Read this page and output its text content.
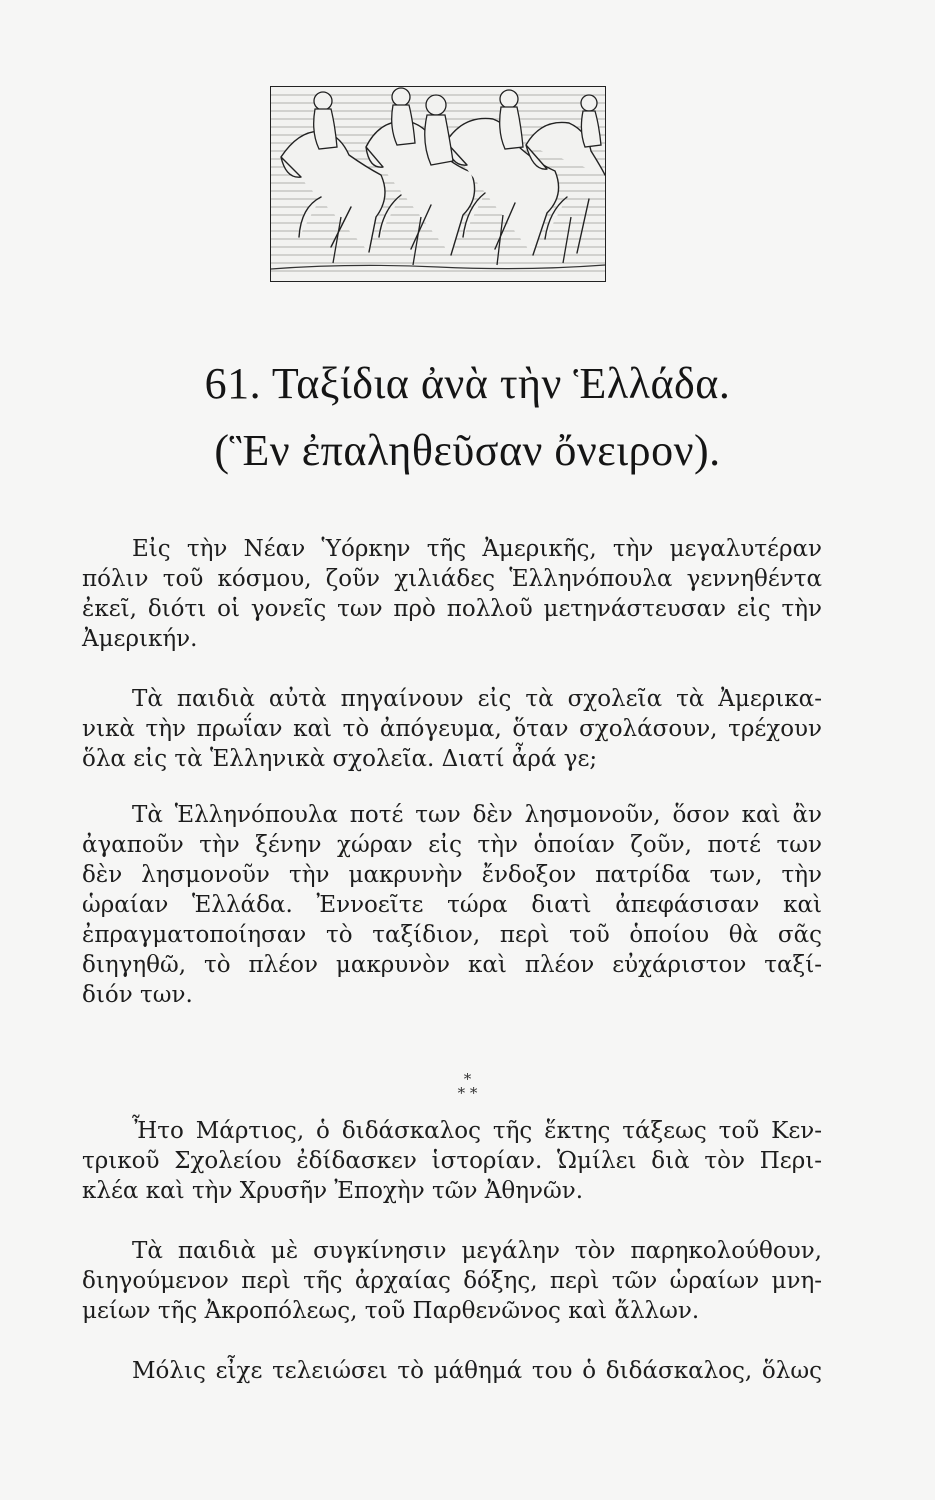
61. Ταξίδια ἀνὰ τὴν Ἑλλάδα.
(Ἓν ἐπαληθεῦσαν ὄνειρον).
Εἰς τὴν Νέαν Ὑόρκην τῆς Ἀμερικῆς, τὴν μεγαλυτέραν
πόλιν τοῦ κόσμου, ζοῦν χιλιάδες Ἑλληνόπουλα γεννηθέντα
ἐκεῖ, διότι οἱ γονεῖς των πρὸ πολλοῦ μετηνάστευσαν εἰς τὴν
Ἀμερικήν.
Τὰ παιδιὰ αὐτὰ πηγαίνουν εἰς τὰ σχολεῖα τὰ Ἀμερικα-
νικὰ τὴν πρωΐαν καὶ τὸ ἀπόγευμα, ὅταν σχολάσουν, τρέχουν
ὅλα εἰς τὰ Ἑλληνικὰ σχολεῖα. Διατί ἆρά γε;
Τὰ Ἑλληνόπουλα ποτέ των δὲν λησμονοῦν, ὅσον καὶ ἂν
ἀγαποῦν τὴν ξένην χώραν εἰς τὴν ὁποίαν ζοῦν, ποτέ των
δὲν λησμονοῦν τὴν μακρυνὴν ἔνδοξον πατρίδα των, τὴν
ὡραίαν Ἑλλάδα. Ἐννοεῖτε τώρα διατὶ ἀπεφάσισαν καὶ
ἐπραγματοποίησαν τὸ ταξίδιον, περὶ τοῦ ὁποίου θὰ σᾶς
διηγηθῶ, τὸ πλέον μακρυνὸν καὶ πλέον εὐχάριστον ταξί-
διόν των.
*
* *
Ἦτο Μάρτιος, ὁ διδάσκαλος τῆς ἕκτης τάξεως τοῦ Κεν-
τρικοῦ Σχολείου ἐδίδασκεν ἱστορίαν. Ὡμίλει διὰ τὸν Περι-
κλέα καὶ τὴν Χρυσῆν Ἐποχὴν τῶν Ἀθηνῶν.
Τὰ παιδιὰ μὲ συγκίνησιν μεγάλην τὸν παρηκολούθουν,
διηγούμενον περὶ τῆς ἀρχαίας δόξης, περὶ τῶν ὡραίων μνη-
μείων τῆς Ἀκροπόλεως, τοῦ Παρθενῶνος καὶ ἄλλων.
Μόλις εἶχε τελειώσει τὸ μάθημά του ὁ διδάσκαλος, ὅλως
